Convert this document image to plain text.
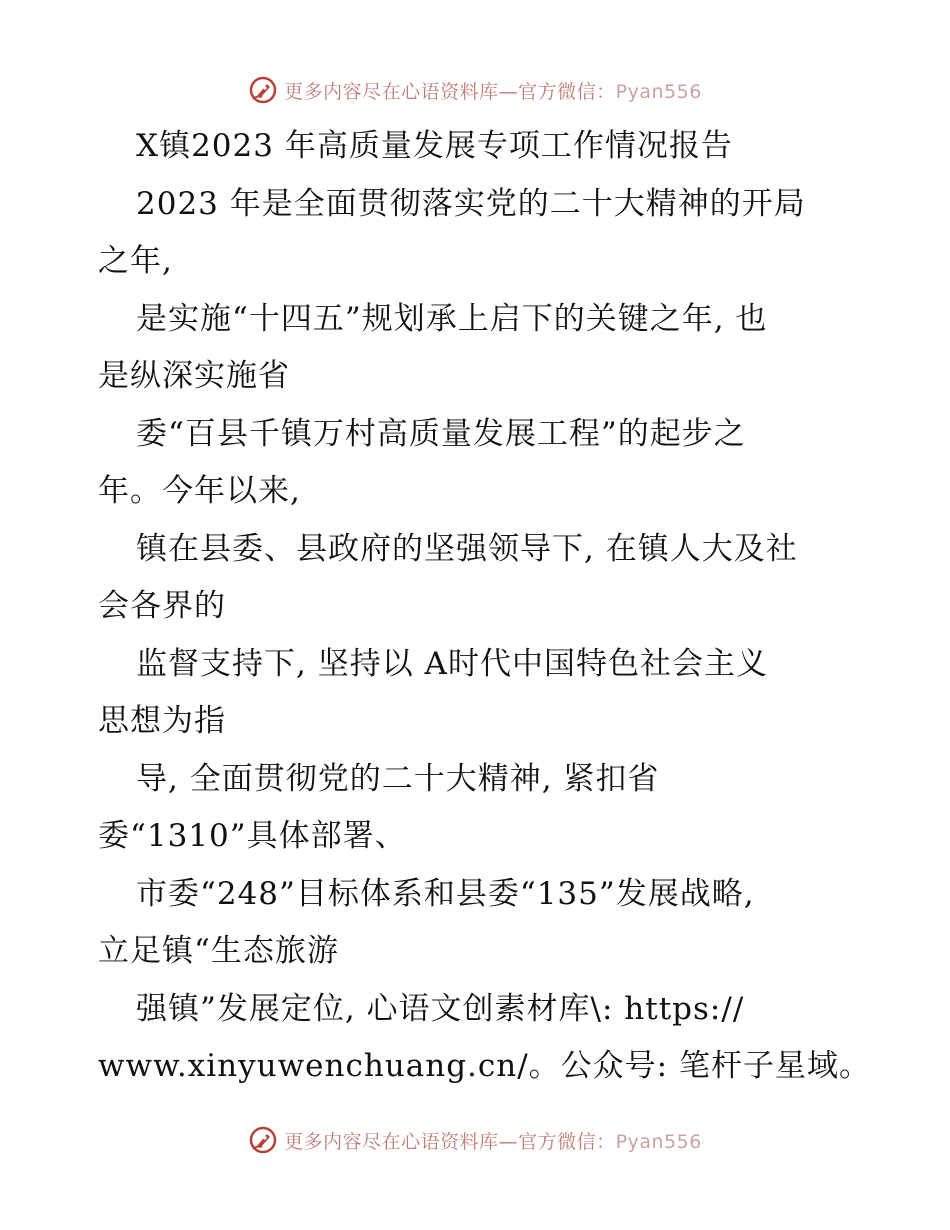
更多内容尽在心语资料库—官方微信：Pyan556
X镇2023 年高质量发展专项工作情况报告
2023 年是全面贯彻落实党的二十大精神的开局
之年,
是实施“十四五”规划承上启下的关键之年, 也
是纵深实施省
委“百县千镇万村高质量发展工程”的起步之
年。今年以来,
镇在县委、县政府的坚强领导下, 在镇人大及社
会各界的
监督支持下, 坚持以 A时代中国特色社会主义
思想为指
导, 全面贯彻党的二十大精神, 紧扣省
委“1310”具体部署、
市委“248”目标体系和县委“135”发展战略,
立足镇“生态旅游
强镇”发展定位, 心语文创素材库\: https://
www.xinyuwenchuang.cn/。公众号: 笔杆子星域。
更多内容尽在心语资料库—官方微信：Pyan556
